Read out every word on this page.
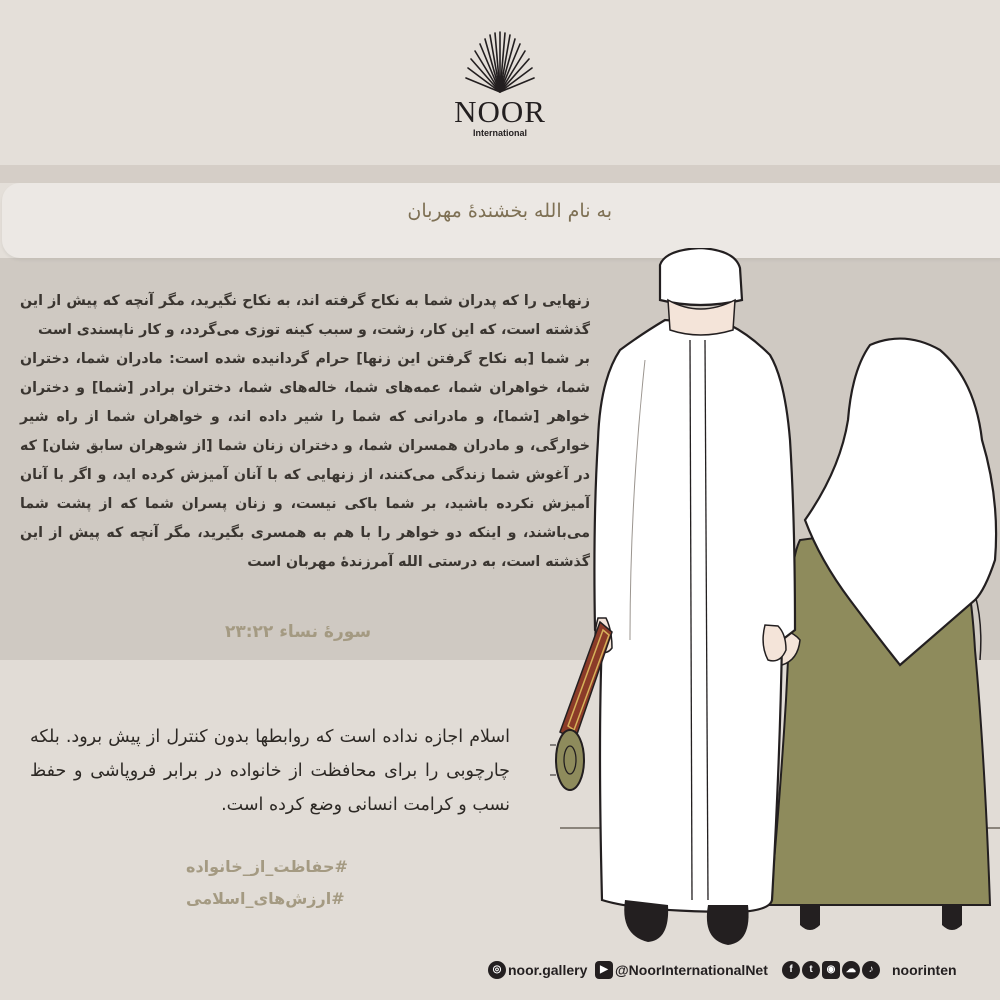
NOOR
International
به نام الله بخشندهٔ مهربان

زنهایی را که پدران شما به نکاح گرفته اند، به نکاح نگیرید، مگر آنچه که پیش از این گذشته است، که این کار، زشت، و سبب کینه توزی می‌گردد، و کار ناپسندی است

بر شما [به نکاح گرفتن این زنها] حرام گردانیده شده است: مادران شما، دختران شما، خواهران شما، عمه‌های شما، خاله‌های شما، دختران برادر [شما] و دختران خواهر [شما]، و مادرانی که شما را شیر داده اند، و خواهران شما از راه شیر خوارگی، و مادران همسران شما، و دختران زنان شما [از شوهران سابق شان] که در آغوش شما زندگی می‌کنند، از زنهایی که با آنان آمیزش کرده اید، و اگر با آنان آمیزش نکرده باشید، بر شما باکی نیست، و زنان پسران شما که از پشت شما می‌باشند، و اینکه دو خواهر را با هم به همسری بگیرید، مگر آنچه که پیش از این گذشته است، به درستی الله آمرزندهٔ مهربان است

سورهٔ نساء ۲۳:۲۲
اسلام اجازه نداده است که روابطها بدون کنترل از پیش برود. بلکه چارچوبی را برای محافظت از خانواده در برابر فروپاشی و حفظ نسب و کرامت انسانی وضع کرده است.
#حفاظت_از_خانواده
#ارزش‌های_اسلامی
◎ noor.gallery	▶ @NoorInternationalNet	f	t	◉	☁	♪	noorinten
